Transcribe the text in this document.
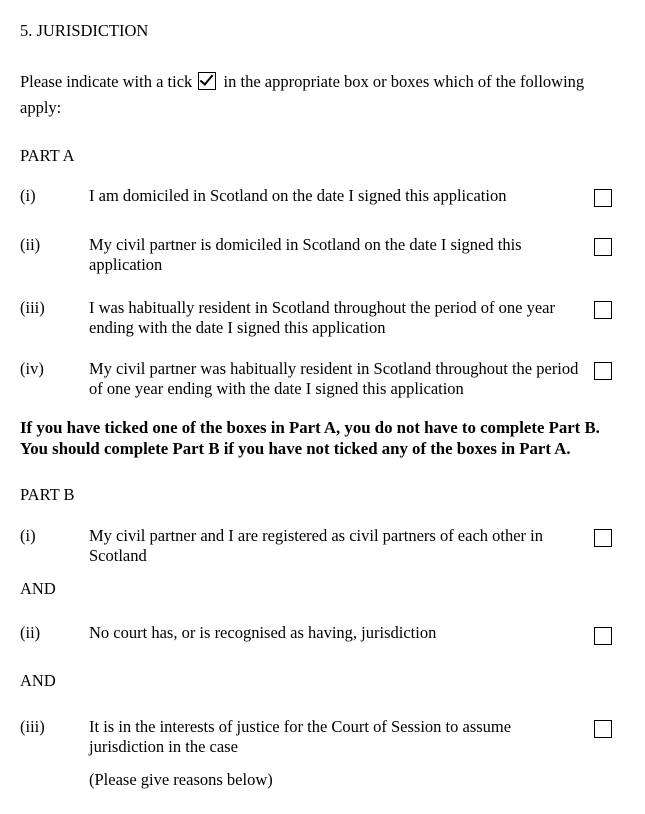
5. JURISDICTION
Please indicate with a tick in the appropriate box or boxes which of the following
apply:
PART A
(i)	I am domiciled in Scotland on the date I signed this application
(ii)	My civil partner is domiciled in Scotland on the date I signed this application
(iii)	I was habitually resident in Scotland throughout the period of one year ending with the date I signed this application
(iv)	My civil partner was habitually resident in Scotland throughout the period of one year ending with the date I signed this application
If you have ticked one of the boxes in Part A, you do not have to complete Part B.
You should complete Part B if you have not ticked any of the boxes in Part A.
PART B
(i)	My civil partner and I are registered as civil partners of each other in Scotland
AND
(ii)	No court has, or is recognised as having, jurisdiction
AND
(iii)	It is in the interests of justice for the Court of Session to assume jurisdiction in the case
(Please give reasons below)
